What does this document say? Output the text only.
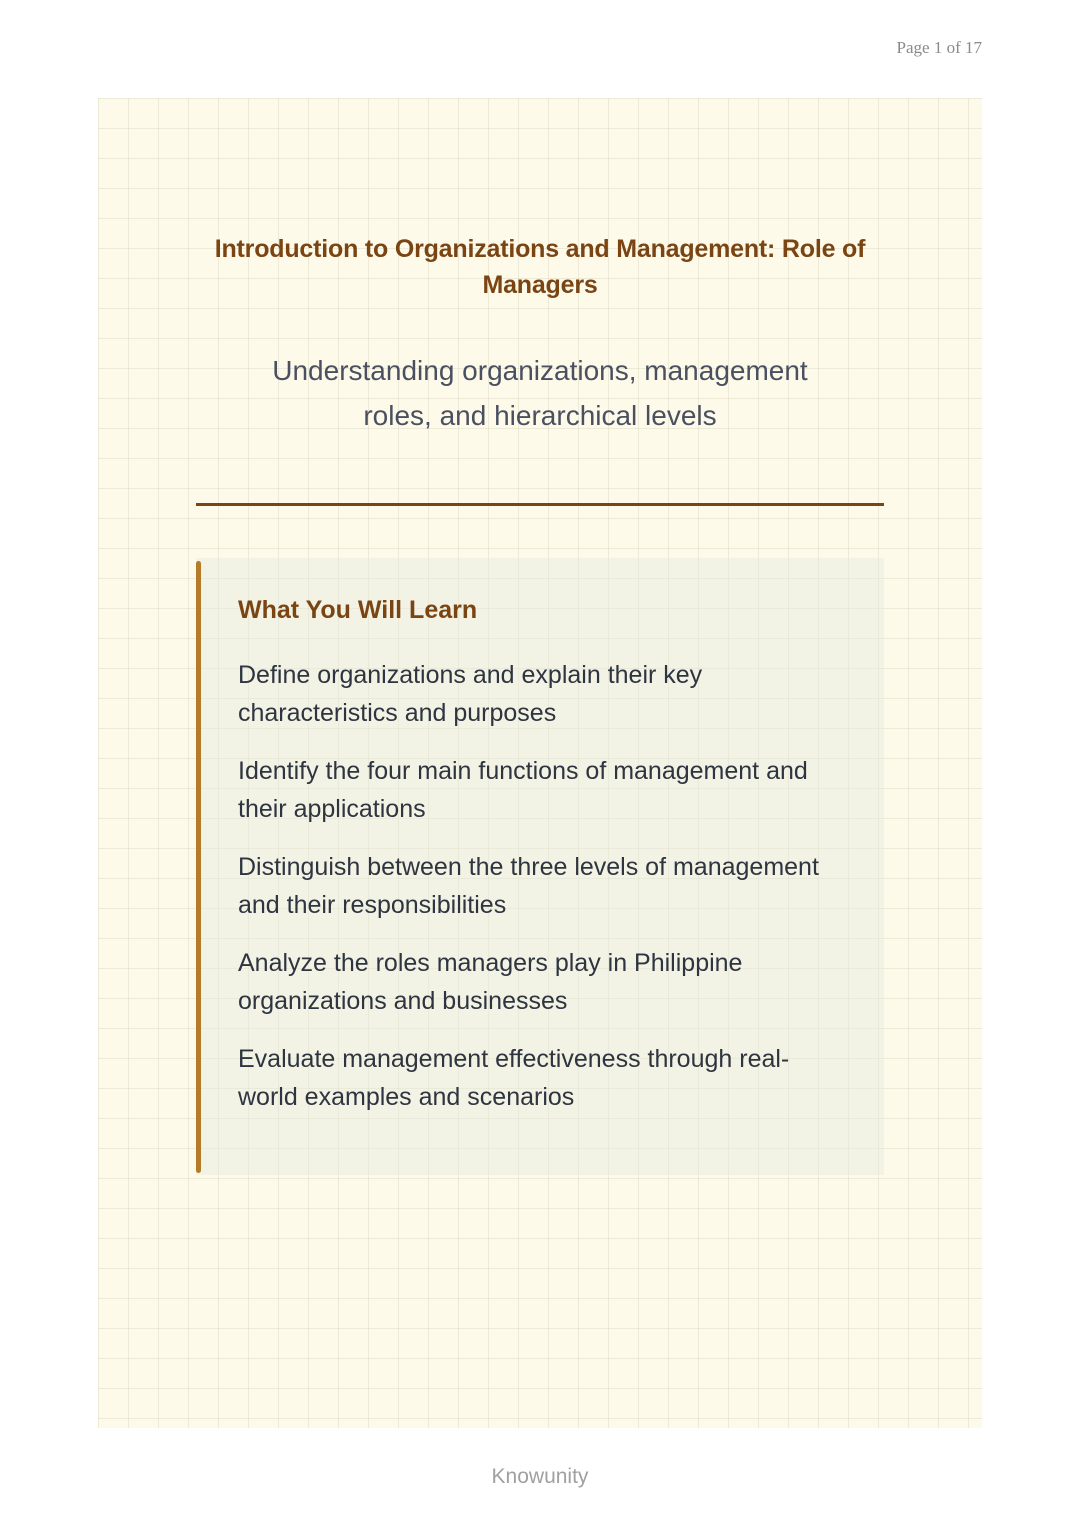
Page 1 of 17
Introduction to Organizations and Management: Role of Managers
Understanding organizations, management roles, and hierarchical levels
What You Will Learn
Define organizations and explain their key characteristics and purposes
Identify the four main functions of management and their applications
Distinguish between the three levels of management and their responsibilities
Analyze the roles managers play in Philippine organizations and businesses
Evaluate management effectiveness through real-world examples and scenarios
Knowunity
